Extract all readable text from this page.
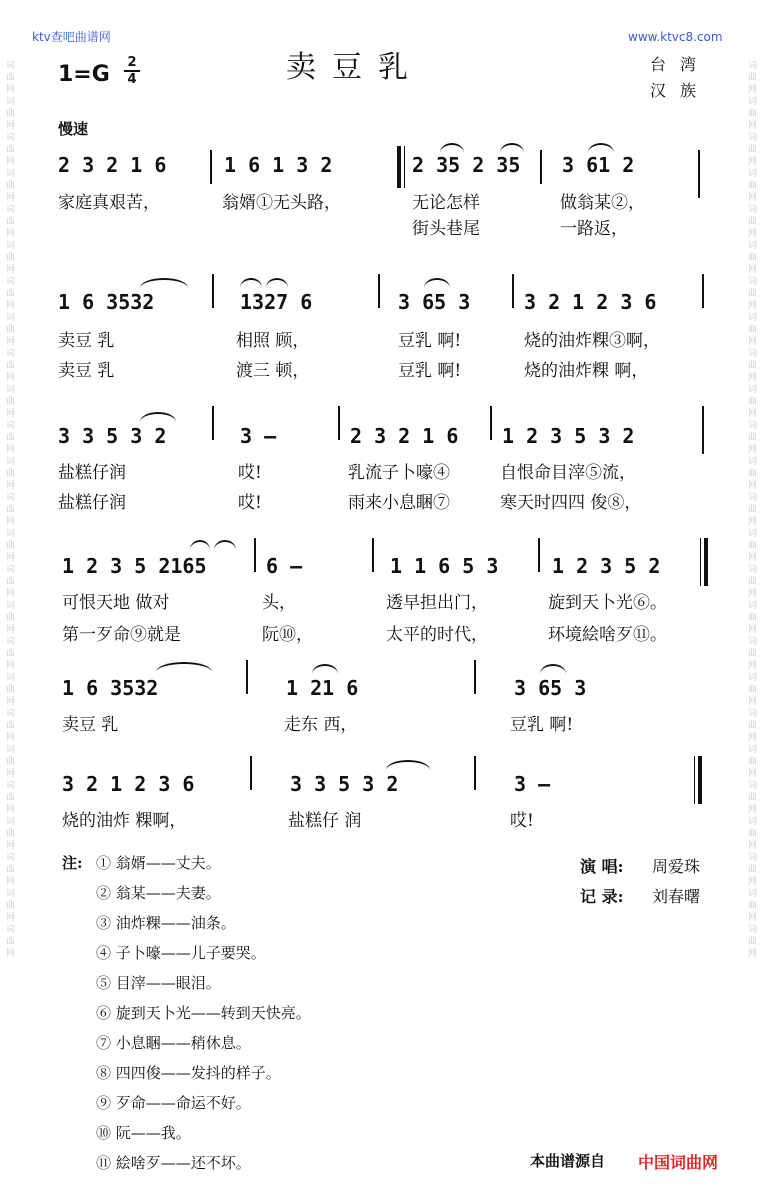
词曲网词曲网词曲网词曲网词曲网词曲网词曲网词曲网词曲网词曲网词曲网词曲网词曲网词曲网词曲网词曲网词曲网词曲网词曲网词曲网词曲网词曲网词曲网词曲网词曲网
词曲网词曲网词曲网词曲网词曲网词曲网词曲网词曲网词曲网词曲网词曲网词曲网词曲网词曲网词曲网词曲网词曲网词曲网词曲网词曲网词曲网词曲网词曲网词曲网词曲网
ktv查吧曲谱网	www.ktvc8.com
1=G	2
4	卖豆乳	台湾
汉族
慢速
2 3 2 1 6	1 6 1 3 2	2 35 2 35 3 61 2
家庭真艰苦，	翁婿①无头路，	无论怎样	做翁某②，
街头巷尾	一路返，
1 6 3532	1327 6	3 65 3	3 2 1 2 3 6
卖豆 乳	相照 顾，	豆乳 啊!	烧的油炸粿③啊，
卖豆 乳	渡三 顿，	豆乳 啊!	烧的油炸粿 啊，
3 3 5 3 2	3 –	2 3 2 1 6 1 2 3 5 3 2
盐糕仔润	哎!	乳流子卜嚎④	自恨命目滓⑤流，
盐糕仔润	哎!	雨来小息睏⑦	寒天时四四 俊⑧，
1 2 3 5 2165	6 –	1 1 6 5 3	1 2 3 5 2
可恨天地 做对	头，	透早担出门，	旋到天卜光⑥。
第一歹命⑨就是	阮⑩，	太平的时代，	环境絵啥歹⑪。
1 6 3532	1 21 6	3 65 3
卖豆 乳	走东 西，	豆乳 啊!
3 2 1 2 3 6	3 3 5 3 2	3 –
烧的油炸 粿啊，	盐糕仔 润	哎!
注: ① 翁婿——丈夫。
② 翁某——夫妻。
③ 油炸粿——油条。
④ 子卜嚎——儿子要哭。
⑤ 目滓——眼泪。
⑥ 旋到天卜光——转到天快亮。
⑦ 小息睏——稍休息。
⑧ 四四俊——发抖的样子。
⑨ 歹命——命运不好。
⑩ 阮——我。
⑪ 絵啥歹——还不坏。
演 唱: 周爱珠
记 录: 刘春曙
本曲谱源自 中国词曲网
